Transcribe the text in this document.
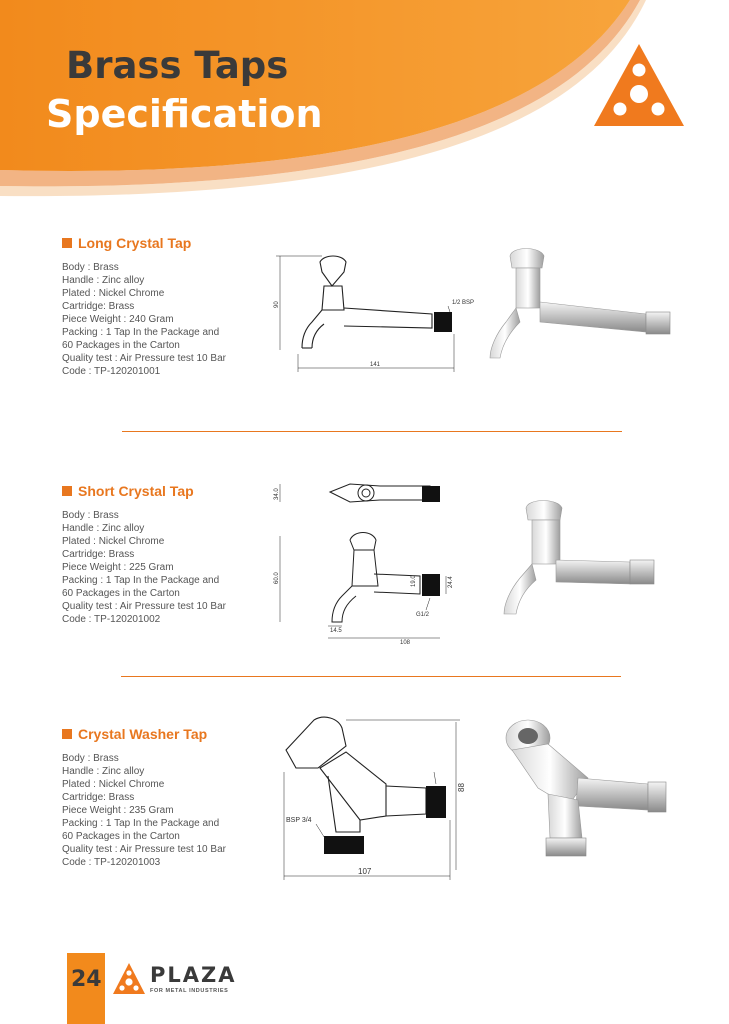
Brass Taps
Specification
Long Crystal Tap
Body : Brass
Handle : Zinc alloy
Plated : Nickel Chrome
Cartridge: Brass
Piece Weight : 240 Gram
Packing : 1 Tap In the Package and
60 Packages in the Carton
Quality test : Air Pressure test 10 Bar
Code : TP-120201001
90
141
1/2 BSP
Short Crystal Tap
Body : Brass
Handle : Zinc alloy
Plated : Nickel Chrome
Cartridge: Brass
Piece Weight : 225 Gram
Packing : 1 Tap In the Package and
60 Packages in the Carton
Quality test : Air Pressure test 10 Bar
Code : TP-120201002
34.0
60.0
14.5
108
19.0	24.4
G1/2
Crystal Washer Tap
Body : Brass
Handle : Zinc alloy
Plated : Nickel Chrome
Cartridge: Brass
Piece Weight : 235 Gram
Packing : 1 Tap In the Package and
60 Packages in the Carton
Quality test : Air Pressure test 10 Bar
Code : TP-120201003
88
107
BSP 3/4
24 PLAZA
FOR METAL INDUSTRIES
